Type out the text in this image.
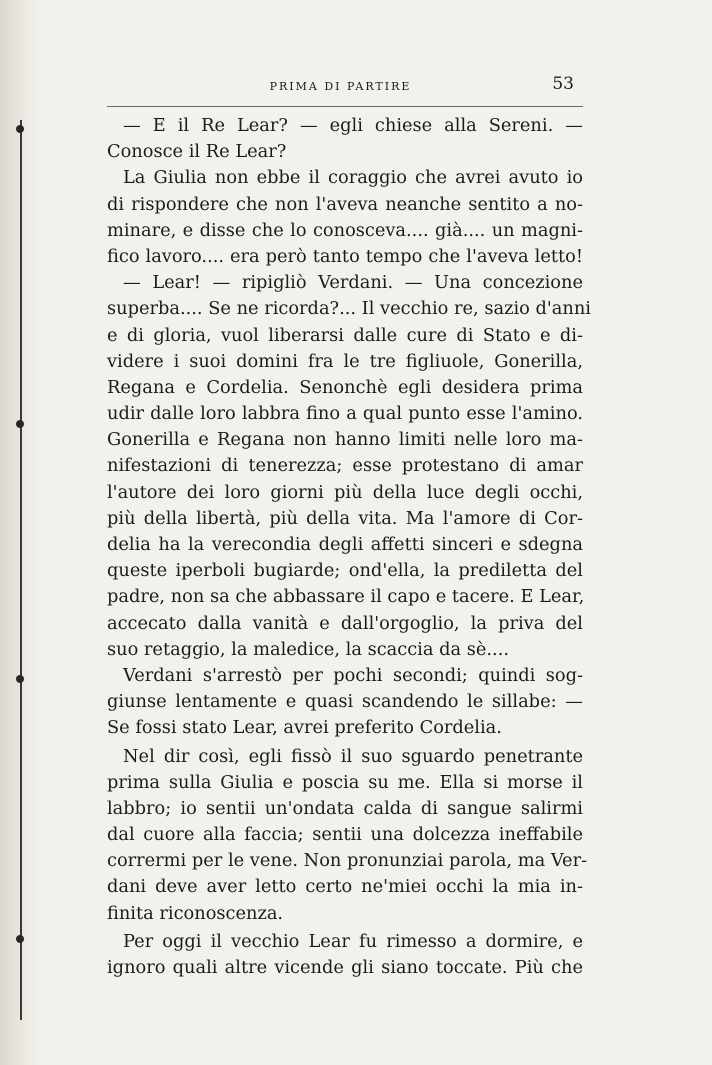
PRIMA DI PARTIRE	53
— E il Re Lear? — egli chiese alla Sereni. —
Conosce il Re Lear?
La Giulia non ebbe il coraggio che avrei avuto io
di rispondere che non l'aveva neanche sentito a no-
minare, e disse che lo conosceva.... già.... un magni-
fico lavoro.... era però tanto tempo che l'aveva letto!
— Lear! — ripigliò Verdani. — Una concezione
superba.... Se ne ricorda?... Il vecchio re, sazio d'anni
e di gloria, vuol liberarsi dalle cure di Stato e di-
videre i suoi domini fra le tre figliuole, Gonerilla,
Regana e Cordelia. Senonchè egli desidera prima
udir dalle loro labbra fino a qual punto esse l'amino.
Gonerilla e Regana non hanno limiti nelle loro ma-
nifestazioni di tenerezza; esse protestano di amar
l'autore dei loro giorni più della luce degli occhi,
più della libertà, più della vita. Ma l'amore di Cor-
delia ha la verecondia degli affetti sinceri e sdegna
queste iperboli bugiarde; ond'ella, la prediletta del
padre, non sa che abbassare il capo e tacere. E Lear,
accecato dalla vanità e dall'orgoglio, la priva del
suo retaggio, la maledice, la scaccia da sè....
Verdani s'arrestò per pochi secondi; quindi sog-
giunse lentamente e quasi scandendo le sillabe: —
Se fossi stato Lear, avrei preferito Cordelia.
Nel dir così, egli fissò il suo sguardo penetrante
prima sulla Giulia e poscia su me. Ella si morse il
labbro; io sentii un'ondata calda di sangue salirmi
dal cuore alla faccia; sentii una dolcezza ineffabile
corrermi per le vene. Non pronunziai parola, ma Ver-
dani deve aver letto certo ne'miei occhi la mia in-
finita riconoscenza.
Per oggi il vecchio Lear fu rimesso a dormire, e
ignoro quali altre vicende gli siano toccate. Più che
